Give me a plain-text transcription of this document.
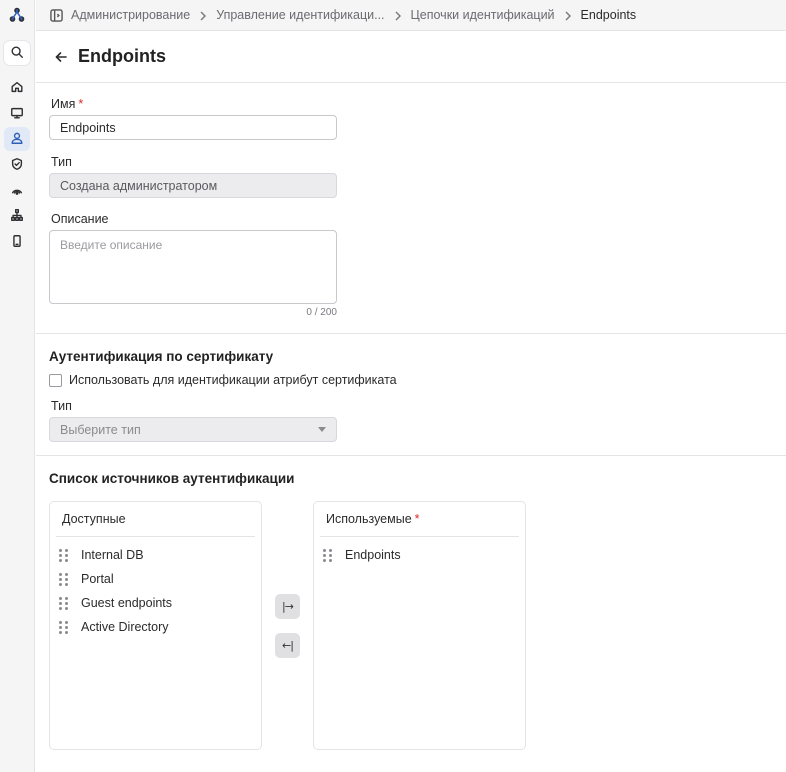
Администрирование Управление идентификаци... Цепочки идентификаций Endpoints
Endpoints
Имя *
Endpoints
Тип
Создана администратором
Описание
Введите описание
0 / 200
Аутентификация по сертификату
Использовать для идентификации атрибут сертификата
Тип
Выберите тип
Список источников аутентификации
Доступные
Internal DB
Portal
Guest endpoints
Active Directory
|→
←|
Используемые *
Endpoints
